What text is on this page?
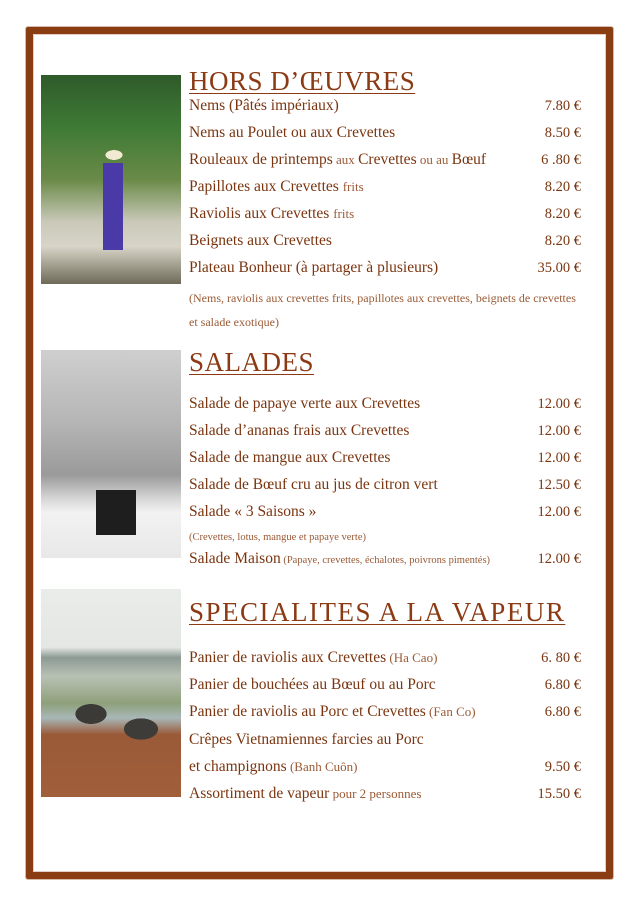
HORS D’ŒUVRES
Nems (Pâtés impériaux)	7.80 €
Nems au Poulet ou aux Crevettes	8.50 €
Rouleaux de printemps aux Crevettes ou au Bœuf	6 .80 €
Papillotes aux Crevettes frits	8.20 €
Raviolis aux Crevettes frits	8.20 €
Beignets aux Crevettes	8.20 €
Plateau Bonheur (à partager à plusieurs)	35.00 €
(Nems, raviolis aux crevettes frits, papillotes aux crevettes, beignets de crevettes et salade exotique)
SALADES
Salade de papaye verte aux Crevettes	12.00 €
Salade d’ananas frais aux Crevettes	12.00 €
Salade de mangue aux Crevettes	12.00 €
Salade de Bœuf cru au jus de citron vert	12.50 €
Salade « 3 Saisons »	12.00 €
(Crevettes, lotus, mangue et papaye verte)
Salade Maison (Papaye, crevettes, échalotes, poivrons pimentés)	12.00 €
SPECIALITES A LA VAPEUR
Panier de raviolis aux Crevettes (Ha Cao)	6. 80 €
Panier de bouchées au Bœuf ou au Porc	6.80 €
Panier de raviolis au Porc et Crevettes (Fan Co)	6.80 €
Crêpes Vietnamiennes farcies au Porc
et champignons (Banh Cuôn)	9.50 €
Assortiment de vapeur pour 2 personnes	15.50 €
